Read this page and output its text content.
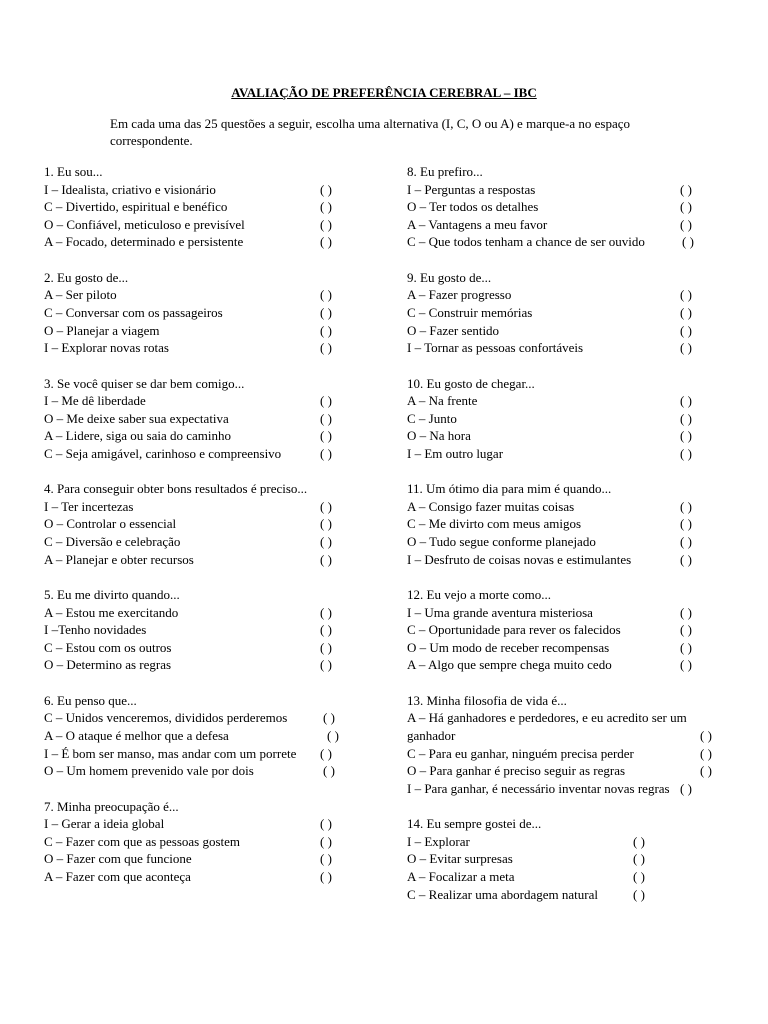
AVALIAÇÃO DE PREFERÊNCIA CEREBRAL – IBC
Em cada uma das 25 questões a seguir, escolha uma alternativa (I, C, O ou A) e marque-a no espaço correspondente.
1. Eu sou...
I – Idealista, criativo e visionário	( )
C – Divertido, espiritual e benéfico	( )
O – Confiável, meticuloso e previsível	( )
A – Focado, determinado e persistente	( )
2. Eu gosto de...
A – Ser piloto	( )
C – Conversar com os passageiros	( )
O – Planejar a viagem	( )
I – Explorar novas rotas	( )
3. Se você quiser se dar bem comigo...
I – Me dê liberdade	( )
O – Me deixe saber sua expectativa	( )
A – Lidere, siga ou saia do caminho	( )
C – Seja amigável, carinhoso e compreensivo	( )
4. Para conseguir obter bons resultados é preciso...
I – Ter incertezas	( )
O – Controlar o essencial	( )
C – Diversão e celebração	( )
A – Planejar e obter recursos	( )
5. Eu me divirto quando...
A – Estou me exercitando	( )
I –Tenho novidades	( )
C – Estou com os outros	( )
O – Determino as regras	( )
6. Eu penso que...
C – Unidos venceremos, divididos perderemos	( )
A – O ataque é melhor que a defesa	( )
I – É bom ser manso, mas andar com um porrete ( )
O – Um homem prevenido vale por dois	( )
7. Minha preocupação é...
I – Gerar a ideia global	( )
C – Fazer com que as pessoas gostem	( )
O – Fazer com que funcione	( )
A – Fazer com que aconteça	( )
8. Eu prefiro...
I – Perguntas a respostas	( )
O – Ter todos os detalhes	( )
A – Vantagens a meu favor	( )
C – Que todos tenham a chance de ser ouvido	( )
9. Eu gosto de...
A – Fazer progresso	( )
C – Construir memórias	( )
O – Fazer sentido	( )
I – Tornar as pessoas confortáveis	( )
10. Eu gosto de chegar...
A – Na frente	( )
C – Junto	( )
O – Na hora	( )
I – Em outro lugar	( )
11. Um ótimo dia para mim é quando...
A – Consigo fazer muitas coisas	( )
C – Me divirto com meus amigos	( )
O – Tudo segue conforme planejado	( )
I – Desfruto de coisas novas e estimulantes	( )
12. Eu vejo a morte como...
I – Uma grande aventura misteriosa	( )
C – Oportunidade para rever os falecidos	( )
O – Um modo de receber recompensas	( )
A – Algo que sempre chega muito cedo	( )
13. Minha filosofia de vida é...
A – Há ganhadores e perdedores, e eu acredito ser um
ganhador	( )
C – Para eu ganhar, ninguém precisa perder	( )
O – Para ganhar é preciso seguir as regras	( )
I – Para ganhar, é necessário inventar novas regras ( )
14. Eu sempre gostei de...
I – Explorar	( )
O – Evitar surpresas	( )
A – Focalizar a meta	( )
C – Realizar uma abordagem natural	( )
